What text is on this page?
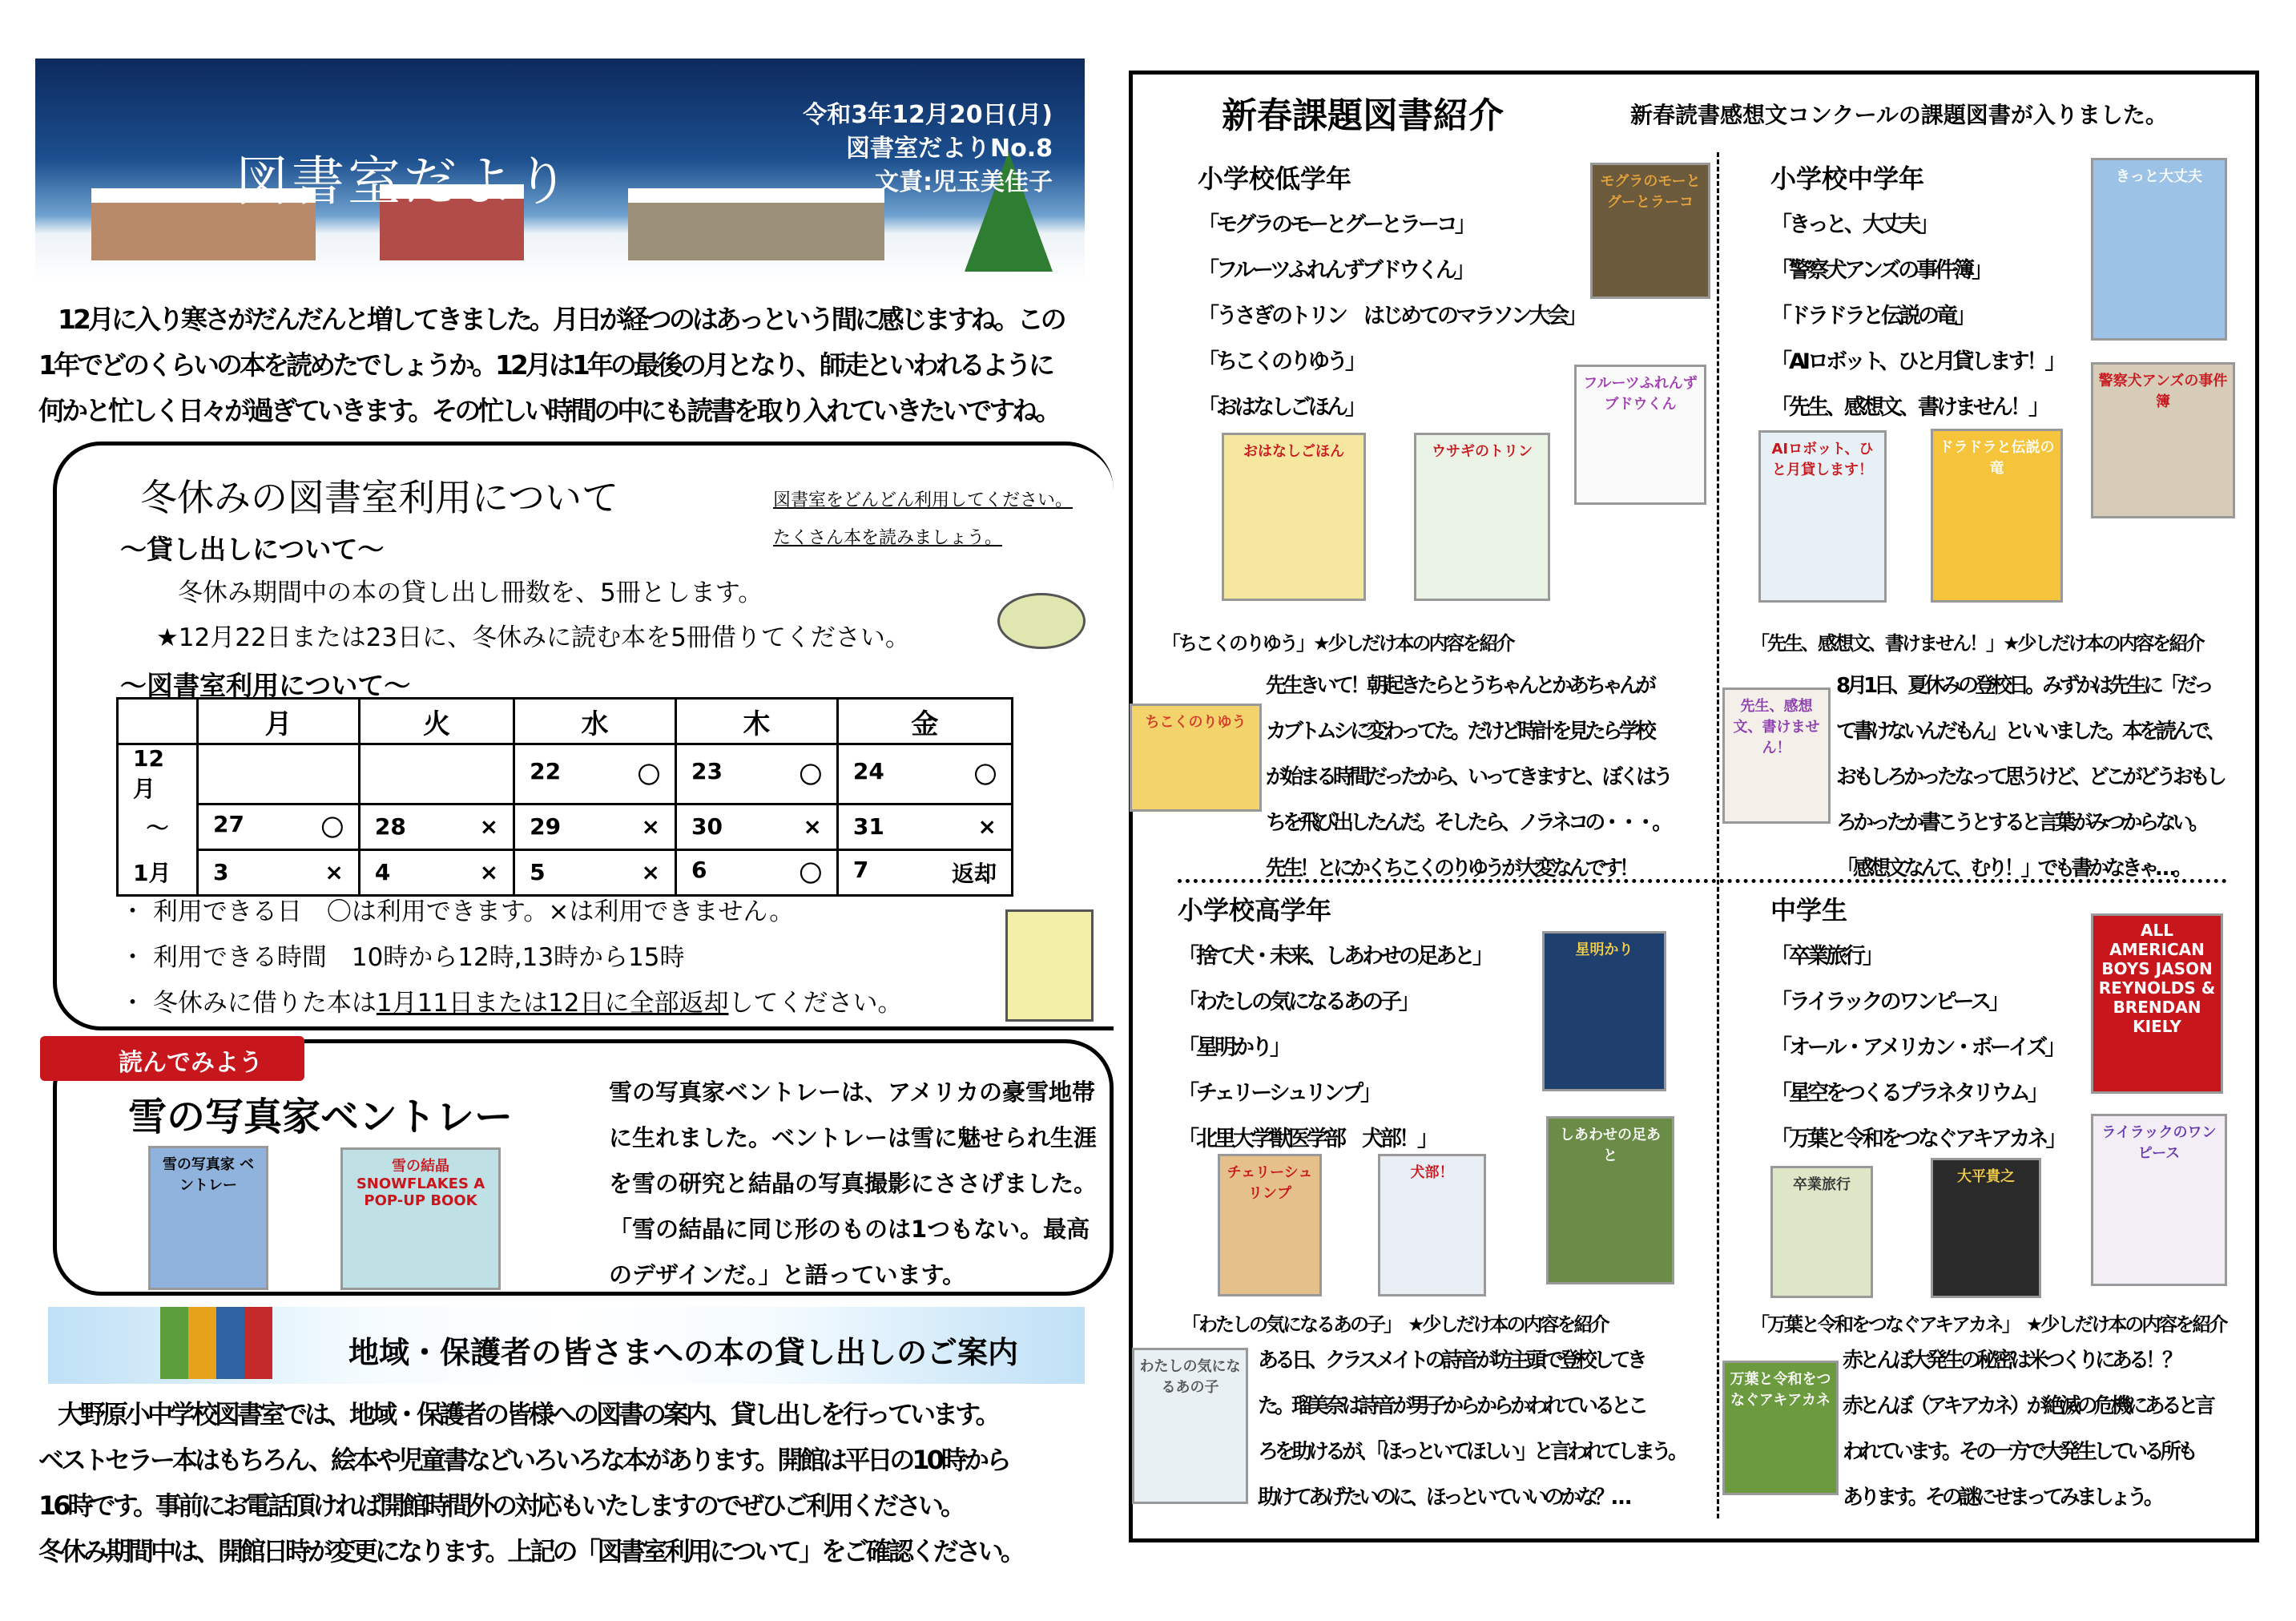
図書室だより
令和3年12月20日(月)
図書室だよりNo.8
文責:児玉美佳子
12月に入り寒さがだんだんと増してきました。月日が経つのはあっという間に感じますね。この
1年でどのくらいの本を読めたでしょうか。12月は1年の最後の月となり、師走といわれるように
何かと忙しく日々が過ぎていきます。その忙しい時間の中にも読書を取り入れていきたいですね。
冬休みの図書室利用について	図書室をどんどん利用してください。
たくさん本を読みましょう。
～貸し出しについて～
冬休み期間中の本の貸し出し冊数を、5冊とします。
★12月22日または23日に、冬休みに読む本を5冊借りてください。
～図書室利用について～
	月	火	水	木	金
12月			22 〇	23 〇	24 〇

～	27 〇	28 ×	29 ×	30 ×	31 ×

1月	3 ×	4 ×	5 ×	6 〇	7 返却
・ 利用できる日　〇は利用できます。×は利用できません。
・ 利用できる時間　10時から12時,13時から15時
・ 冬休みに借りた本は1月11日または12日に全部返却してください。
読んでみよう
雪の写真家ベントレー
雪の写真家 ベントレー
雪の結晶 SNOWFLAKES A POP-UP BOOK
雪の写真家ベントレーは、アメリカの豪雪地帯
に生れました。ベントレーは雪に魅せられ生涯
を雪の研究と結晶の写真撮影にささげました。
「雪の結晶に同じ形のものは1つもない。最高
のデザインだ。」と語っています。
地域・保護者の皆さまへの本の貸し出しのご案内
大野原小中学校図書室では、地域・保護者の皆様への図書の案内、貸し出しを行っています。
ベストセラー本はもちろん、絵本や児童書などいろいろな本があります。開館は平日の10時から
16時です。事前にお電話頂ければ開館時間外の対応もいたしますのでぜひご利用ください。
冬休み期間中は、開館日時が変更になります。上記の「図書室利用について」をご確認ください。
新春課題図書紹介	新春読書感想文コンクールの課題図書が入りました。
小学校低学年
「モグラのモーとグーとラーコ」
「フルーツふれんずブドウくん」
「うさぎのトリン　はじめてのマラソン大会」
「ちこくのりゆう」
「おはなしごほん」
モグラのモーとグーとラーコ
フルーツふれんず ブドウくん
おはなしごほん	ウサギのトリン
「ちこくのりゆう」★少しだけ本の内容を紹介
ちこくのりゆう
先生きいて！朝起きたらとうちゃんとかあちゃんが
カブトムシに変わってた。だけど時計を見たら学校
が始まる時間だったから、いってきますと、ぼくはう
ちを飛び出したんだ。そしたら、ノラネコの・・・。
先生！とにかくちこくのりゆうが大変なんです！
小学校中学年
「きっと、大丈夫」
「警察犬アンズの事件簿」
「ドラドラと伝説の竜」
「AIロボット、ひと月貸します！」
「先生、感想文、書けません！」
きっと大丈夫
AIロボット、ひと月貸します！
ドラドラと伝説の竜
警察犬アンズの事件簿
「先生、感想文、書けません！」★少しだけ本の内容を紹介
先生、感想文、書けません！
8月1日、夏休みの登校日。みずかは先生に「だっ
て書けないんだもん」といいました。本を読んで、
おもしろかったなって思うけど、どこがどうおもし
ろかったか書こうとすると言葉がみつからない。
「感想文なんて、むり！」でも書かなきゃ…。
小学校高学年
「捨て犬・未来、しあわせの足あと」
「わたしの気になるあの子」
「星明かり」
「チェリーシュリンプ」
「北里大学獣医学部　犬部！」
星明かり
チェリーシュリンプ
犬部！
しあわせの足あと
「わたしの気になるあの子」　★少しだけ本の内容を紹介
わたしの気になるあの子
ある日、クラスメイトの詩音が坊主頭で登校してき
た。瑠美奈は詩音が男子からからかわれているとこ
ろを助けるが、「ほっといてほしい」と言われてしまう。
助けてあげたいのに、ほっといていいのかな？…
中学生
「卒業旅行」
「ライラックのワンピース」
「オール・アメリカン・ボーイズ」
「星空をつくるプラネタリウム」
「万葉と令和をつなぐアキアカネ」
卒業旅行	大平貴之
ALL AMERICAN BOYS JASON REYNOLDS & BRENDAN KIELY
ライラックのワンピース
「万葉と令和をつなぐアキアカネ」　★少しだけ本の内容を紹介
万葉と令和をつなぐアキアカネ
赤とんぼ大発生の秘密は米つくりにある！？
赤とんぼ（アキアカネ）が絶滅の危機にあると言
われています。その一方で大発生している所も
あります。その謎にせまってみましょう。
